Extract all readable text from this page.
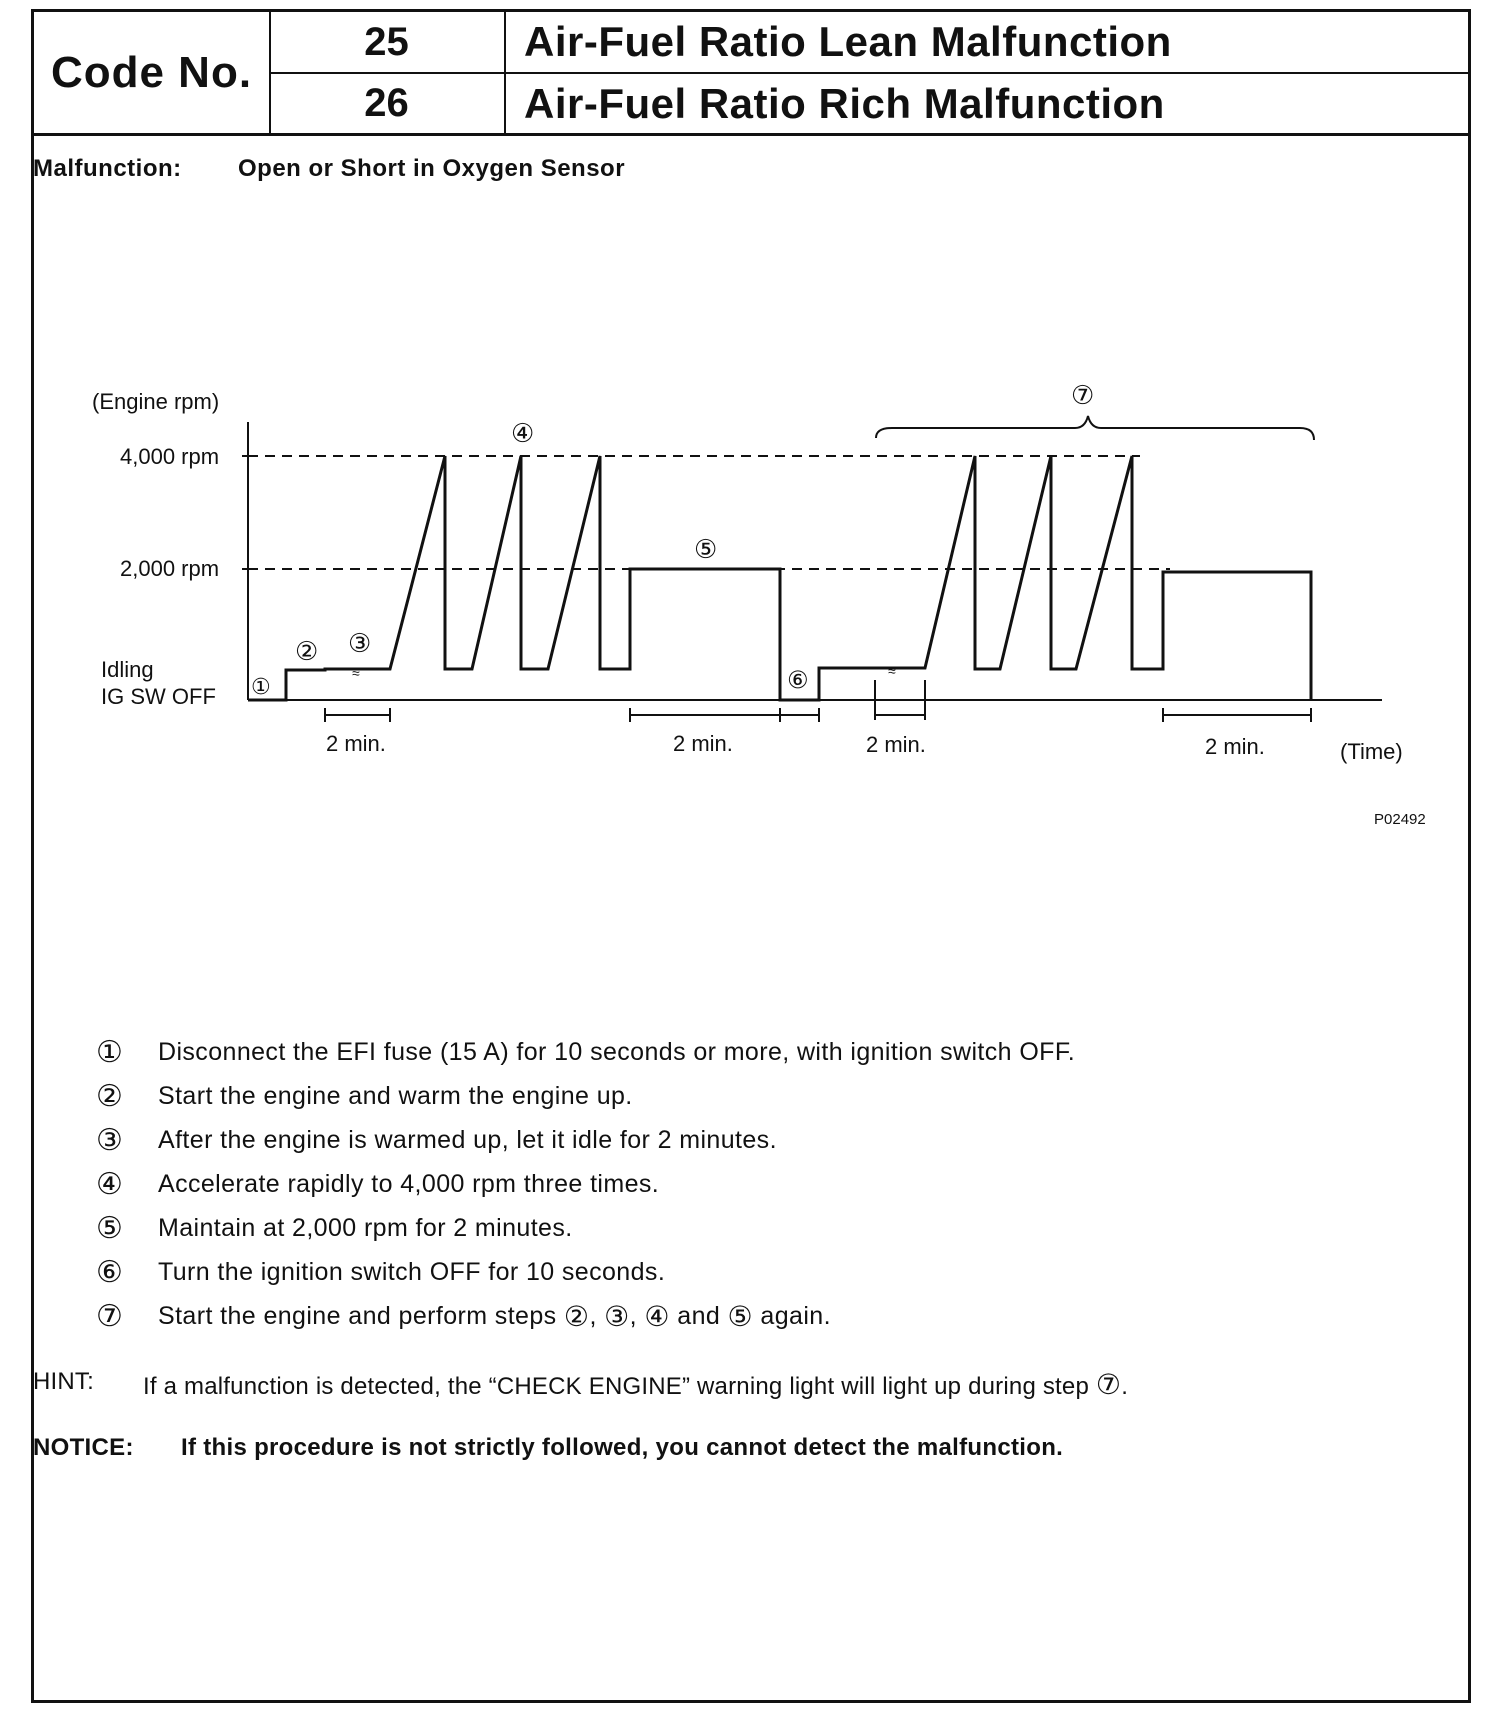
Code No.
25	Air-Fuel Ratio Lean Malfunction
26	Air-Fuel Ratio Rich Malfunction
Malfunction: Open or Short in Oxygen Sensor
≈	≈
(Engine rpm)
4,000 rpm
2,000 rpm
Idling
IG SW OFF
(Time)
2 min.	2 min.	2 min.	2 min.
①
② ③
④
⑤
⑥
⑦
P02492
①	Disconnect the EFI fuse (15 A) for 10 seconds or more, with ignition switch OFF.
②	Start the engine and warm the engine up.
③	After the engine is warmed up, let it idle for 2 minutes.
④	Accelerate rapidly to 4,000 rpm three times.
⑤	Maintain at 2,000 rpm for 2 minutes.
⑥	Turn the ignition switch OFF for 10 seconds.
⑦	Start the engine and perform steps
② ,
③ ,
④
and
⑤
again.
HINT:	If a malfunction is detected, the “CHECK ENGINE” warning light will light up during step ⑦.
NOTICE:	If this procedure is not strictly followed, you cannot detect the malfunction.
